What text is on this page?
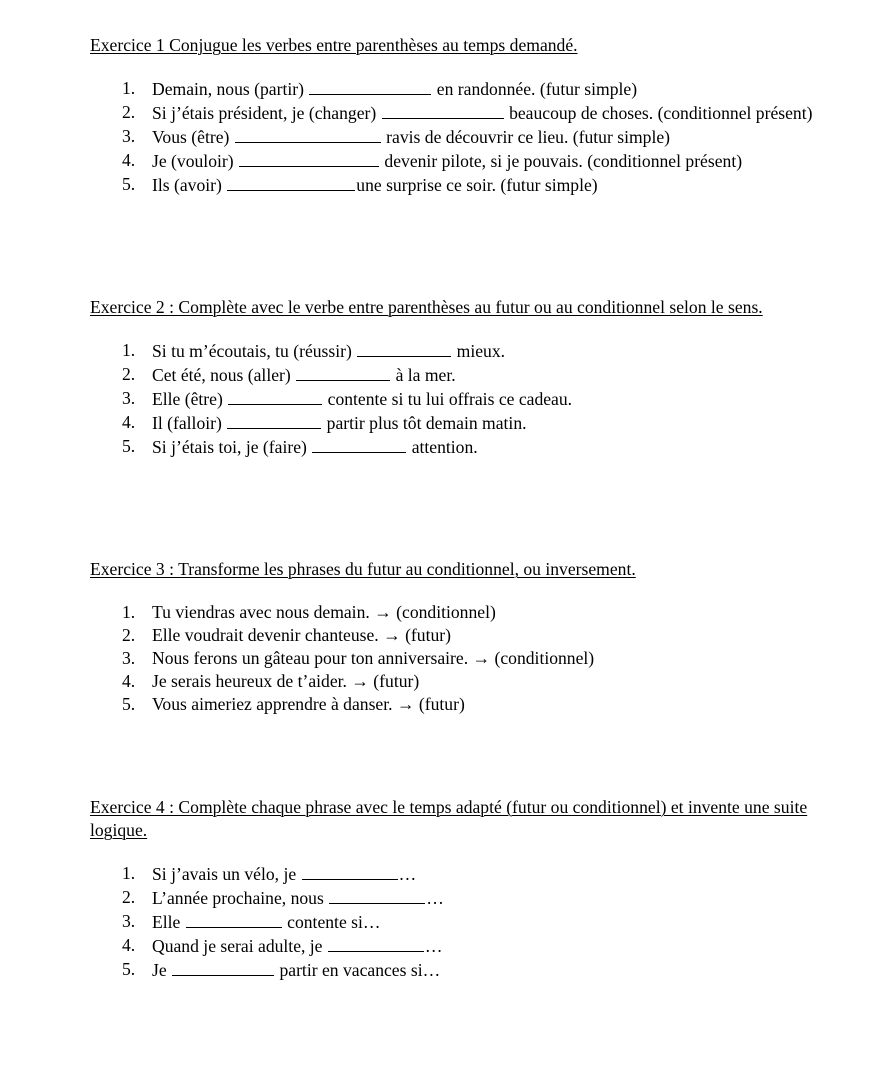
Exercice 1 Conjugue les verbes entre parenthèses au temps demandé.
1. Demain, nous (partir)	en randonnée. (futur simple)
2. Si j’étais président, je (changer)	beaucoup de choses. (conditionnel présent)
3. Vous (être)	ravis de découvrir ce lieu. (futur simple)
4. Je (vouloir)	devenir pilote, si je pouvais. (conditionnel présent)
5. Ils (avoir)	une surprise ce soir. (futur simple)
Exercice 2 : Complète avec le verbe entre parenthèses au futur ou au conditionnel selon le sens.
1. Si tu m’écoutais, tu (réussir)	mieux.
2. Cet été, nous (aller)	à la mer.
3. Elle (être)	contente si tu lui offrais ce cadeau.
4. Il (falloir)	partir plus tôt demain matin.
5. Si j’étais toi, je (faire)	attention.
Exercice 3 : Transforme les phrases du futur au conditionnel, ou inversement.
1. Tu viendras avec nous demain. → (conditionnel)
2. Elle voudrait devenir chanteuse. → (futur)
3. Nous ferons un gâteau pour ton anniversaire. → (conditionnel)
4. Je serais heureux de t’aider. → (futur)
5. Vous aimeriez apprendre à danser. → (futur)
Exercice 4 : Complète chaque phrase avec le temps adapté (futur ou conditionnel) et invente une suite logique.
1. Si j’avais un vélo, je	…
2. L’année prochaine, nous	…
3. Elle	contente si…
4. Quand je serai adulte, je	…
5. Je	partir en vacances si…
